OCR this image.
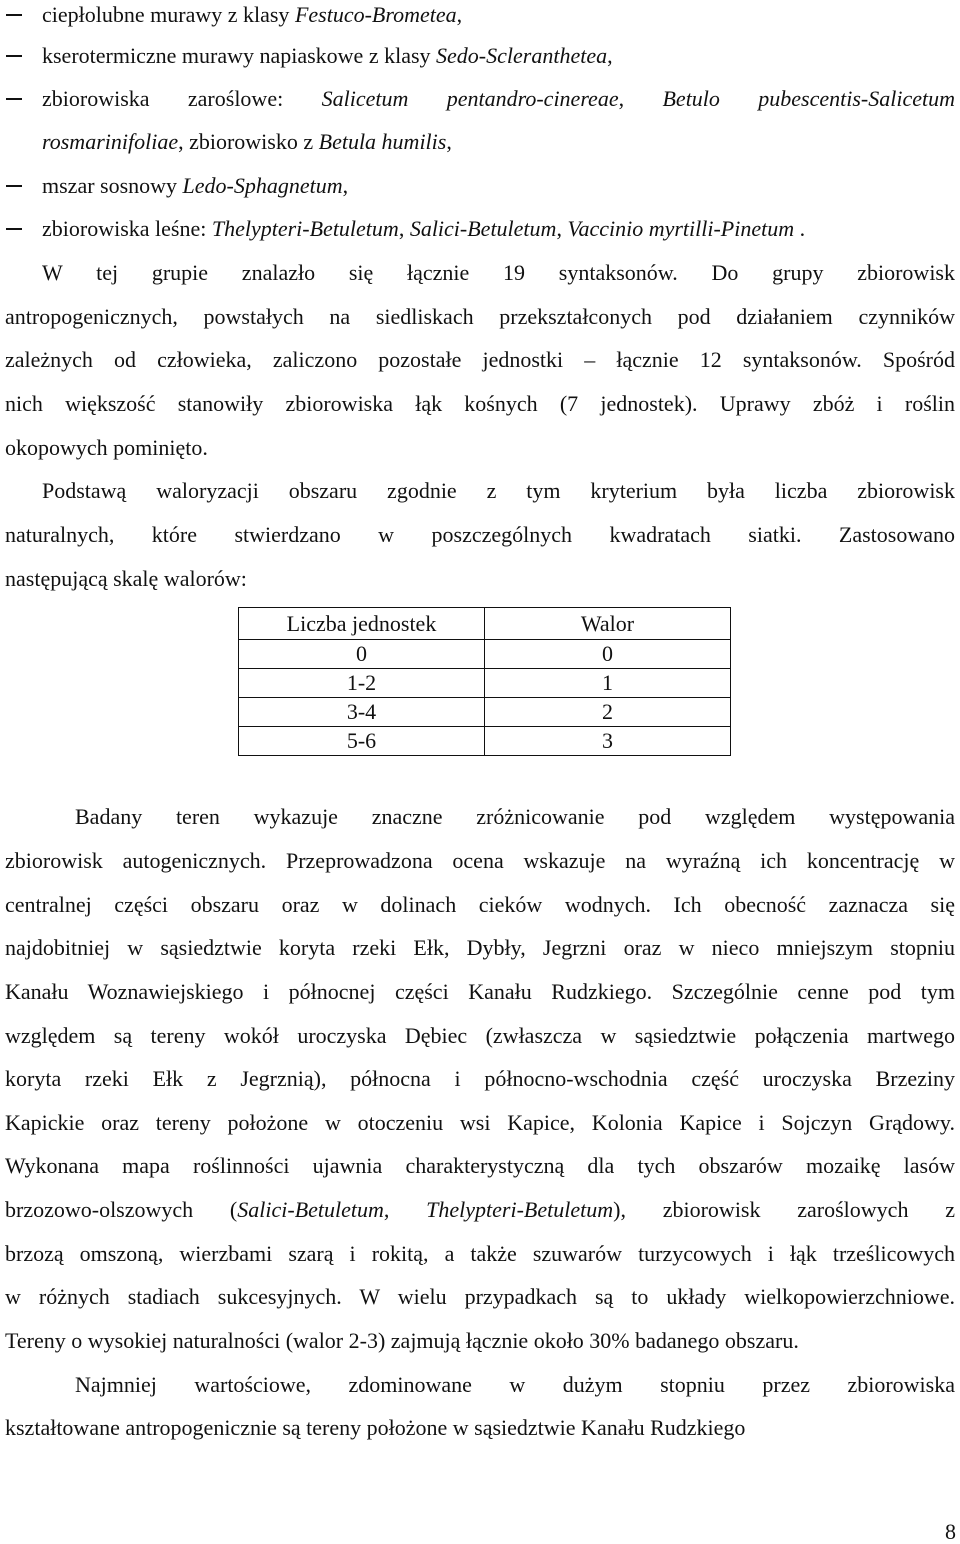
ciepłolubne murawy z klasy Festuco-Brometea,
kserotermiczne murawy napiaskowe z klasy Sedo-Scleranthetea,
zbiorowiska zaroślowe: Salicetum pentandro-cinereae, Betulo pubescentis-Salicetum
rosmarinifoliae, zbiorowisko z Betula humilis,
mszar sosnowy Ledo-Sphagnetum,
zbiorowiska leśne: Thelypteri-Betuletum, Salici-Betuletum, Vaccinio myrtilli-Pinetum .
W tej grupie znalazło się łącznie 19 syntaksonów. Do grupy zbiorowisk
antropogenicznych, powstałych na siedliskach przekształconych pod działaniem czynników
zależnych od człowieka, zaliczono pozostałe jednostki – łącznie 12 syntaksonów. Spośród
nich większość stanowiły zbiorowiska łąk kośnych (7 jednostek). Uprawy zbóż i roślin
okopowych pominięto.
Podstawą waloryzacji obszaru zgodnie z tym kryterium była liczba zbiorowisk
naturalnych, które stwierdzano w poszczególnych kwadratach siatki. Zastosowano
następującą skalę walorów:
Liczba jednostek	Walor
0	0
1-2	1
3-4	2
5-6	3
Badany teren wykazuje znaczne zróżnicowanie pod względem występowania
zbiorowisk autogenicznych. Przeprowadzona ocena wskazuje na wyraźną ich koncentrację w
centralnej części obszaru oraz w dolinach cieków wodnych. Ich obecność zaznacza się
najdobitniej w sąsiedztwie koryta rzeki Ełk, Dybły, Jegrzni oraz w nieco mniejszym stopniu
Kanału Woznawiejskiego i północnej części Kanału Rudzkiego. Szczególnie cenne pod tym
względem są tereny wokół uroczyska Dębiec (zwłaszcza w sąsiedztwie połączenia martwego
koryta rzeki Ełk z Jegrznią), północna i północno-wschodnia część uroczyska Brzeziny
Kapickie oraz tereny położone w otoczeniu wsi Kapice, Kolonia Kapice i Sojczyn Grądowy.
Wykonana mapa roślinności ujawnia charakterystyczną dla tych obszarów mozaikę lasów
brzozowo-olszowych (Salici-Betuletum, Thelypteri-Betuletum), zbiorowisk zaroślowych z
brzozą omszoną, wierzbami szarą i rokitą, a także szuwarów turzycowych i łąk trześlicowych
w różnych stadiach sukcesyjnych. W wielu przypadkach są to układy wielkopowierzchniowe.
Tereny o wysokiej naturalności (walor 2-3) zajmują łącznie około 30% badanego obszaru.
Najmniej wartościowe, zdominowane w dużym stopniu przez zbiorowiska
kształtowane antropogenicznie są tereny położone w sąsiedztwie Kanału Rudzkiego
8
